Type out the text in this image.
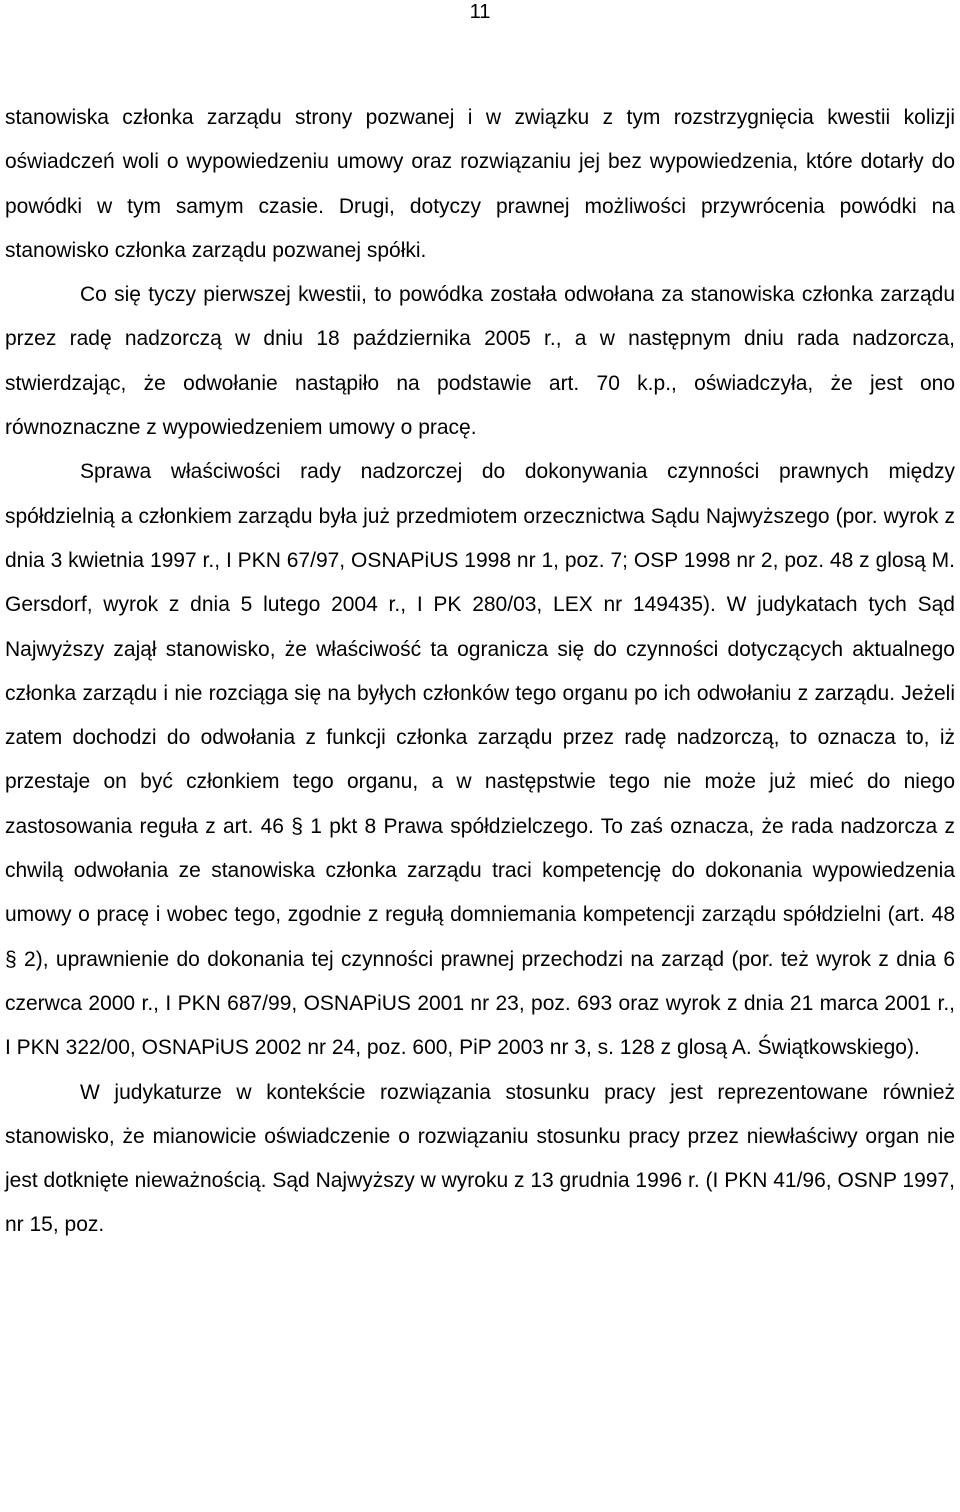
11

stanowiska członka zarządu strony pozwanej i w związku z tym rozstrzygnięcia kwestii kolizji oświadczeń woli o wypowiedzeniu umowy oraz rozwiązaniu jej bez wypowiedzenia, które dotarły do powódki w tym samym czasie. Drugi, dotyczy prawnej możliwości przywrócenia powódki na stanowisko członka zarządu pozwanej spółki.

Co się tyczy pierwszej kwestii, to powódka została odwołana za stanowiska członka zarządu przez radę nadzorczą w dniu 18 października 2005 r., a w następnym dniu rada nadzorcza, stwierdzając, że odwołanie nastąpiło na podstawie art. 70 k.p., oświadczyła, że jest ono równoznaczne z wypowiedzeniem umowy o pracę.

Sprawa właściwości rady nadzorczej do dokonywania czynności prawnych między spółdzielnią a członkiem zarządu była już przedmiotem orzecznictwa Sądu Najwyższego (por. wyrok z dnia 3 kwietnia 1997 r., I PKN 67/97, OSNAPiUS 1998 nr 1, poz. 7; OSP 1998 nr 2, poz. 48 z glosą M. Gersdorf, wyrok z dnia 5 lutego 2004 r., I PK 280/03, LEX nr 149435). W judykatach tych Sąd Najwyższy zajął stanowisko, że właściwość ta ogranicza się do czynności dotyczących aktualnego członka zarządu i nie rozciąga się na byłych członków tego organu po ich odwołaniu z zarządu. Jeżeli zatem dochodzi do odwołania z funkcji członka zarządu przez radę nadzorczą, to oznacza to, iż przestaje on być członkiem tego organu, a w następstwie tego nie może już mieć do niego zastosowania reguła z art. 46 § 1 pkt 8 Prawa spółdzielczego. To zaś oznacza, że rada nadzorcza z chwilą odwołania ze stanowiska członka zarządu traci kompetencję do dokonania wypowiedzenia umowy o pracę i wobec tego, zgodnie z regułą domniemania kompetencji zarządu spółdzielni (art. 48 § 2), uprawnienie do dokonania tej czynności prawnej przechodzi na zarząd (por. też wyrok z dnia 6 czerwca 2000 r., I PKN 687/99, OSNAPiUS 2001 nr 23, poz. 693 oraz wyrok z dnia 21 marca 2001 r., I PKN 322/00, OSNAPiUS 2002 nr 24, poz. 600, PiP 2003 nr 3, s. 128 z glosą A. Świątkowskiego).

W judykaturze w kontekście rozwiązania stosunku pracy jest reprezentowane również stanowisko, że mianowicie oświadczenie o rozwiązaniu stosunku pracy przez niewłaściwy organ nie jest dotknięte nieważnością. Sąd Najwyższy w wyroku z 13 grudnia 1996 r. (I PKN 41/96, OSNP 1997, nr 15, poz.
